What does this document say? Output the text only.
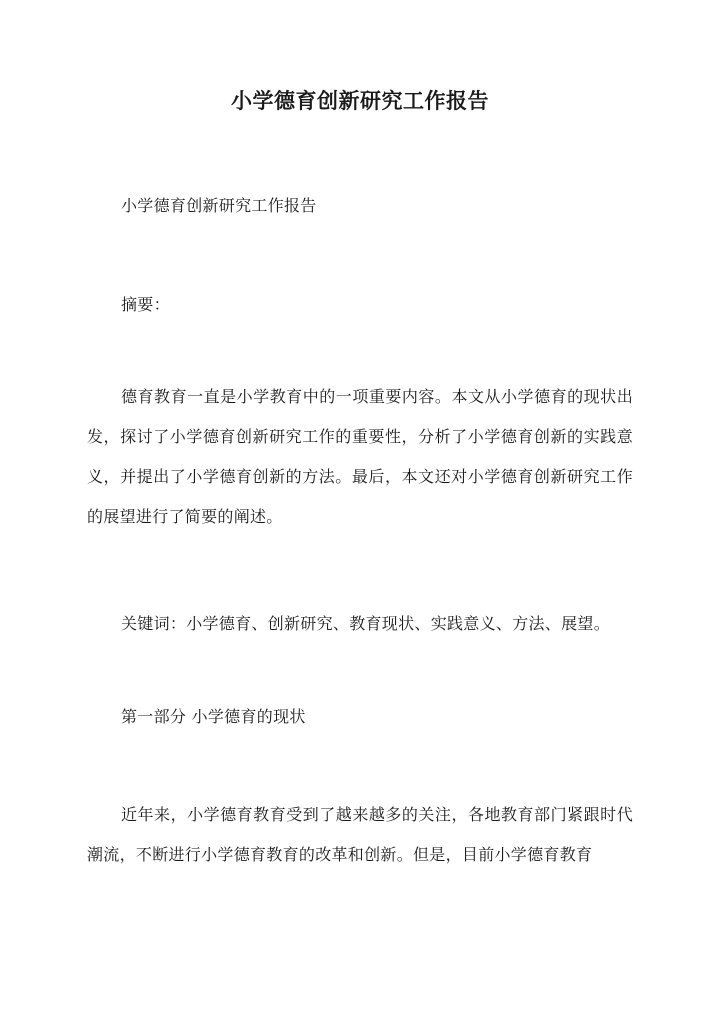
小学德育创新研究工作报告

小学德育创新研究工作报告

摘要：

德育教育一直是小学教育中的一项重要内容。本文从小学德育的现状出发，探讨了小学德育创新研究工作的重要性，分析了小学德育创新的实践意义，并提出了小学德育创新的方法。最后，本文还对小学德育创新研究工作的展望进行了简要的阐述。

关键词：小学德育、创新研究、教育现状、实践意义、方法、展望。

第一部分 小学德育的现状

近年来，小学德育教育受到了越来越多的关注，各地教育部门紧跟时代潮流，不断进行小学德育教育的改革和创新。但是，目前小学德育教育
